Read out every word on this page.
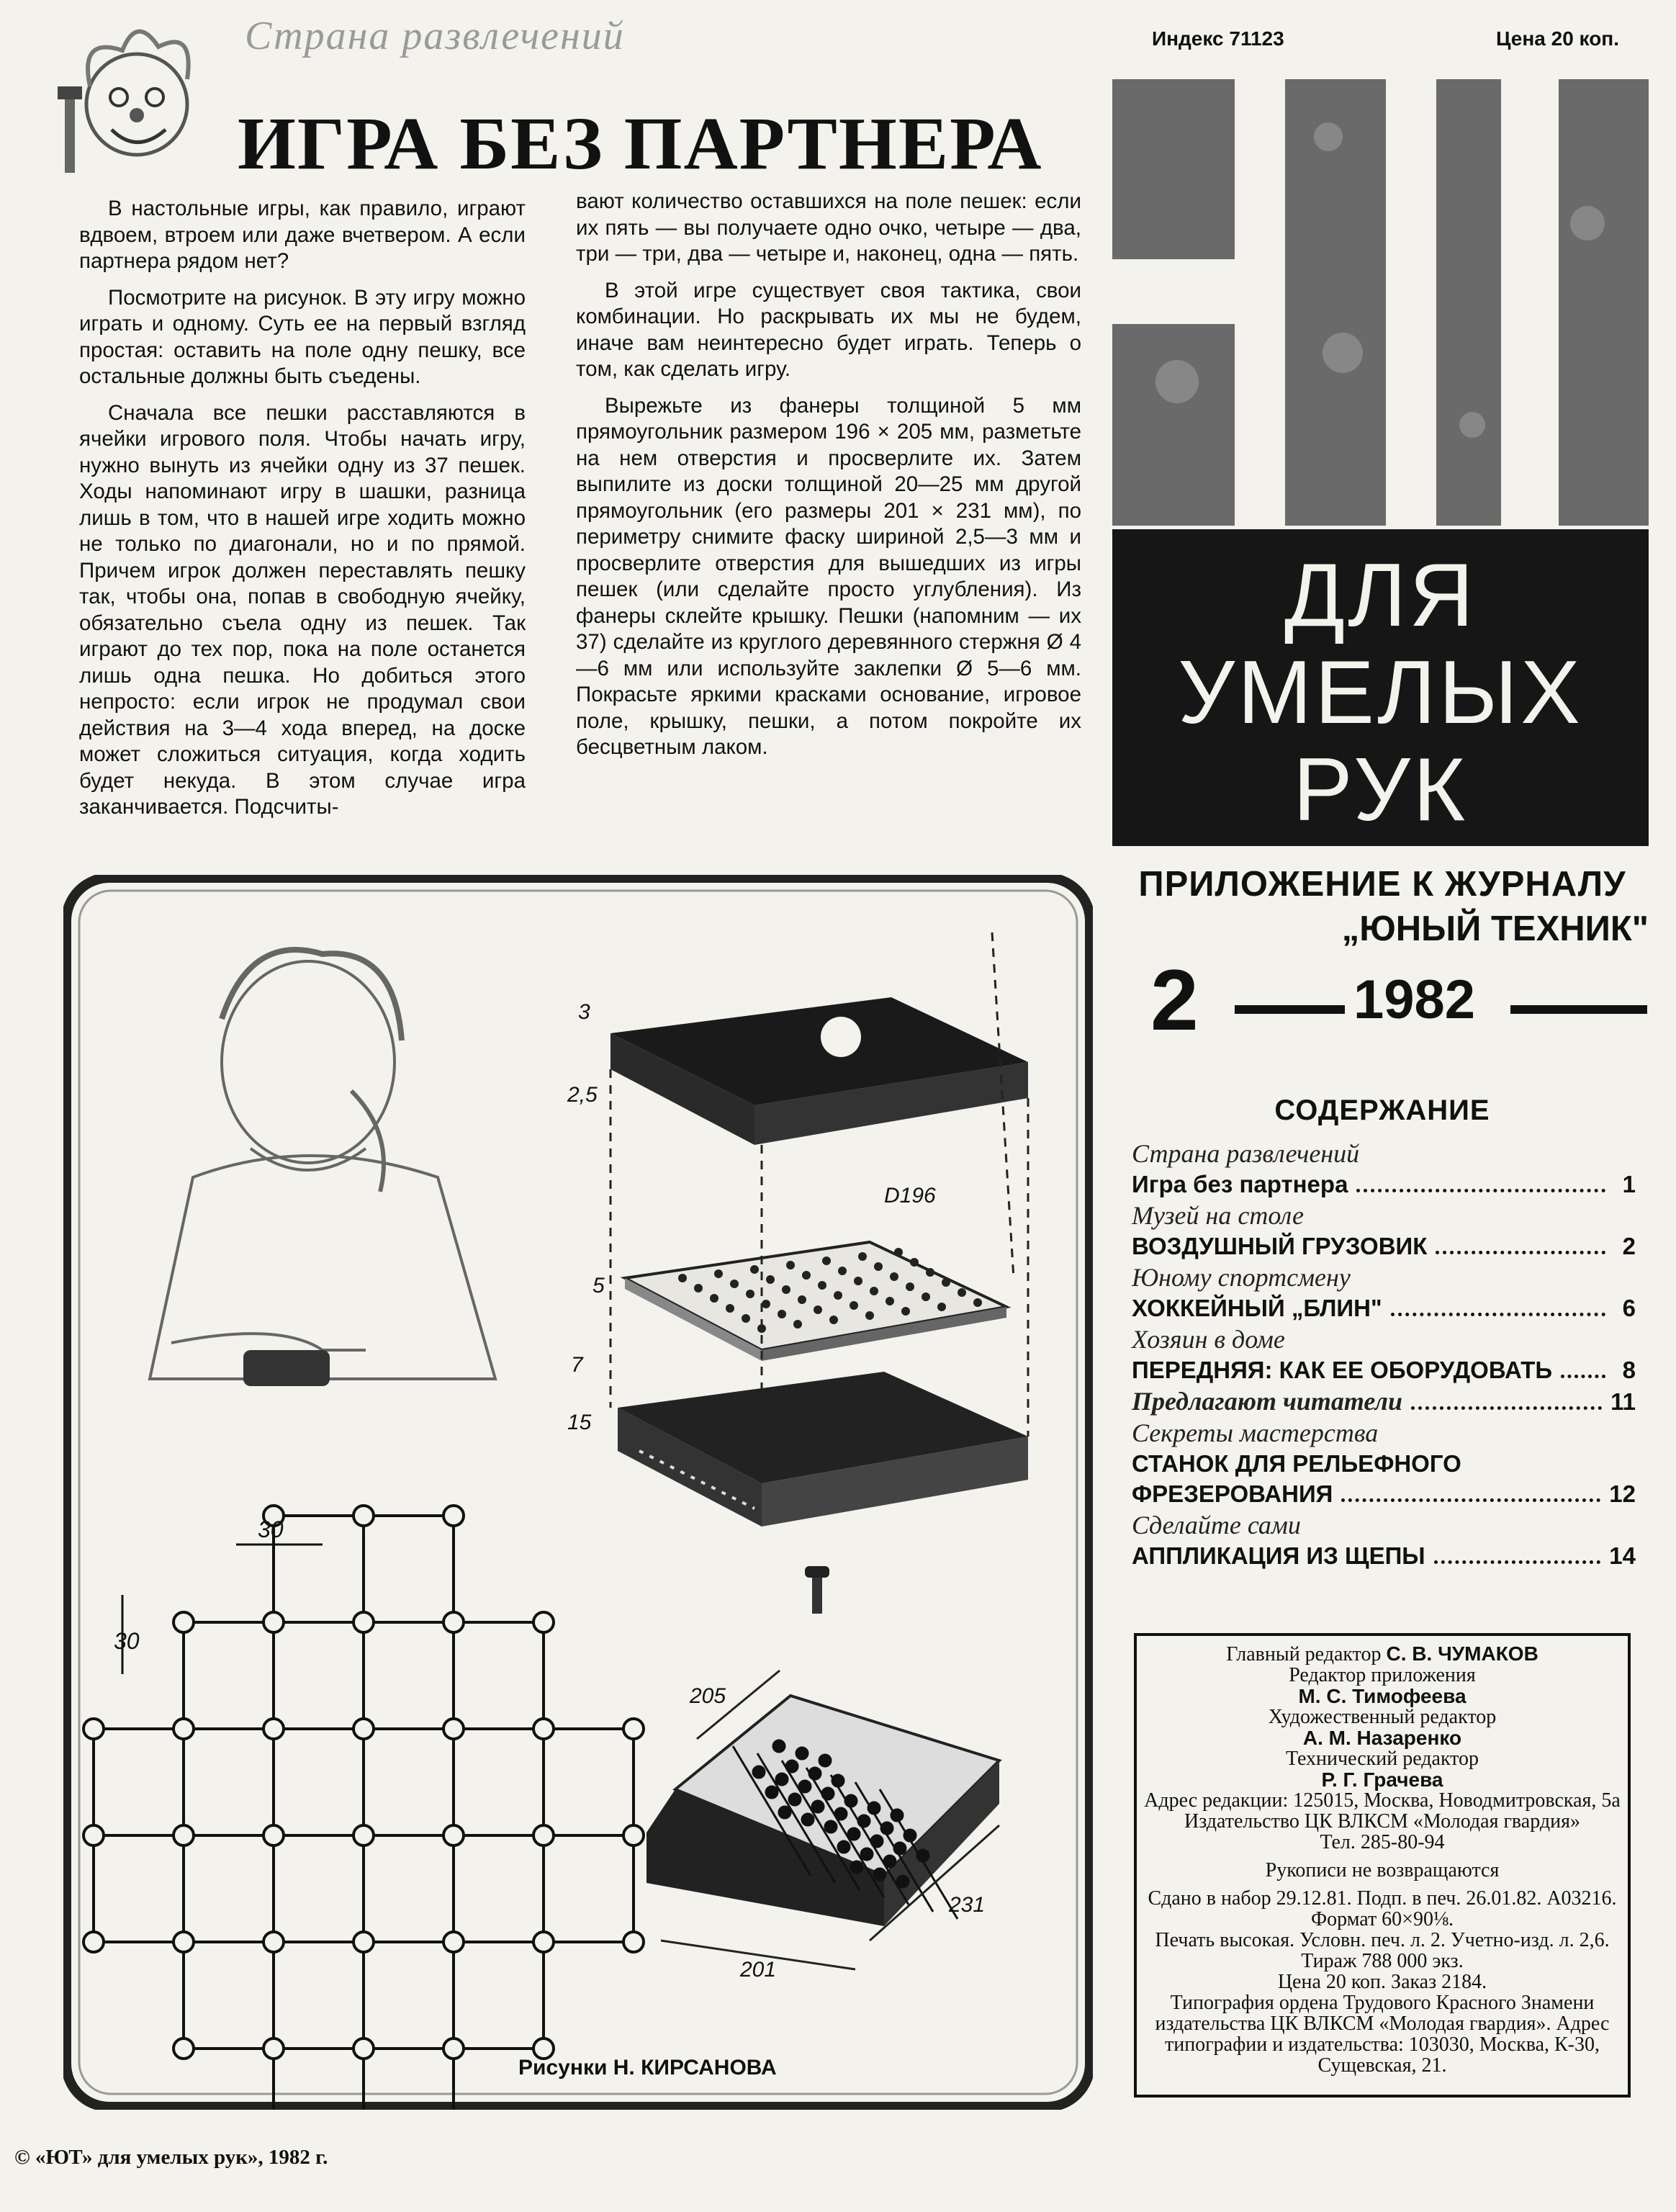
Страна развлечений
ИГРА БЕЗ ПАРТНЕРА

В настольные игры, как правило, играют вдвоем, втроем или даже вчетвером. А если партнера рядом нет?

Посмотрите на рисунок. В эту игру можно играть и одному. Суть ее на первый взгляд простая: оставить на поле одну пешку, все остальные должны быть съедены.

Сначала все пешки расставляются в ячейки игрового поля. Чтобы начать игру, нужно вынуть из ячейки одну из 37 пешек. Ходы напоминают игру в шашки, разница лишь в том, что в нашей игре ходить можно не только по диагонали, но и по прямой. Причем игрок должен переставлять пешку так, чтобы она, попав в свободную ячейку, обязательно съела одну из пешек. Так играют до тех пор, пока на поле останется лишь одна пешка. Но добиться этого непросто: если игрок не продумал свои действия на 3—4 хода вперед, на доске может сложиться ситуация, когда ходить будет некуда. В этом случае игра заканчивается. Подсчиты-

вают количество оставшихся на поле пешек: если их пять — вы получаете одно очко, четыре — два, три — три, два — четыре и, наконец, одна — пять.

В этой игре существует своя тактика, свои комбинации. Но раскрывать их мы не будем, иначе вам неинтересно будет играть. Теперь о том, как сделать игру.

Вырежьте из фанеры толщиной 5 мм прямоугольник размером 196 × 205 мм, разметьте на нем отверстия и просверлите их. Затем выпилите из доски толщиной 20—25 мм другой прямоугольник (его размеры 201 × 231 мм), по периметру снимите фаску шириной 2,5—3 мм и просверлите отверстия для вышедших из игры пешек (или сделайте просто углубления). Из фанеры склейте крышку. Пешки (напомним — их 37) сделайте из круглого деревянного стержня Ø 4—6 мм или используйте заклепки Ø 5—6 мм. Покрасьте яркими красками основание, игровое поле, крышку, пешки, а потом покройте их бесцветным лаком.

3
2,5
D196
5
7
15
201
231
205
30
30
Рисунки Н. КИРСАНОВА
Индекс 71123	Цена 20 коп.
ДЛЯ
УМЕЛЫХ
РУК
ПРИЛОЖЕНИЕ К ЖУРНАЛУ
„ЮНЫЙ ТЕХНИК"
2	1982
СОДЕРЖАНИЕ
Страна развлечений
Игра без партнера	1
Музей на столе
ВОЗДУШНЫЙ ГРУЗОВИК	2
Юному спортсмену
ХОККЕЙНЫЙ „БЛИН"	6
Хозяин в доме
ПЕРЕДНЯЯ: КАК ЕЕ ОБОРУДОВАТЬ	8
Предлагают читатели	11
Секреты мастерства
СТАНОК ДЛЯ РЕЛЬЕФНОГО
ФРЕЗЕРОВАНИЯ	12
Сделайте сами
АППЛИКАЦИЯ ИЗ ЩЕПЫ	14
Главный редактор С. В. ЧУМАКОВ
Редактор приложения
М. С. Тимофеева
Художественный редактор
А. М. Назаренко
Технический редактор
Р. Г. Грачева
Адрес редакции: 125015, Москва, Новодмитровская, 5а
Издательство ЦК ВЛКСМ «Молодая гвардия»
Тел. 285-80-94
Рукописи не возвращаются
Сдано в набор 29.12.81. Подп. в печ. 26.01.82. А03216. Формат 60×90⅛.
Печать высокая. Условн. печ. л. 2. Учетно-изд. л. 2,6. Тираж 788 000 экз.
Цена 20 коп. Заказ 2184.
Типография ордена Трудового Красного Знамени издательства ЦК ВЛКСМ «Молодая гвардия». Адрес типографии и издательства: 103030, Москва, К-30, Сущевская, 21.
© «ЮТ» для умелых рук», 1982 г.
